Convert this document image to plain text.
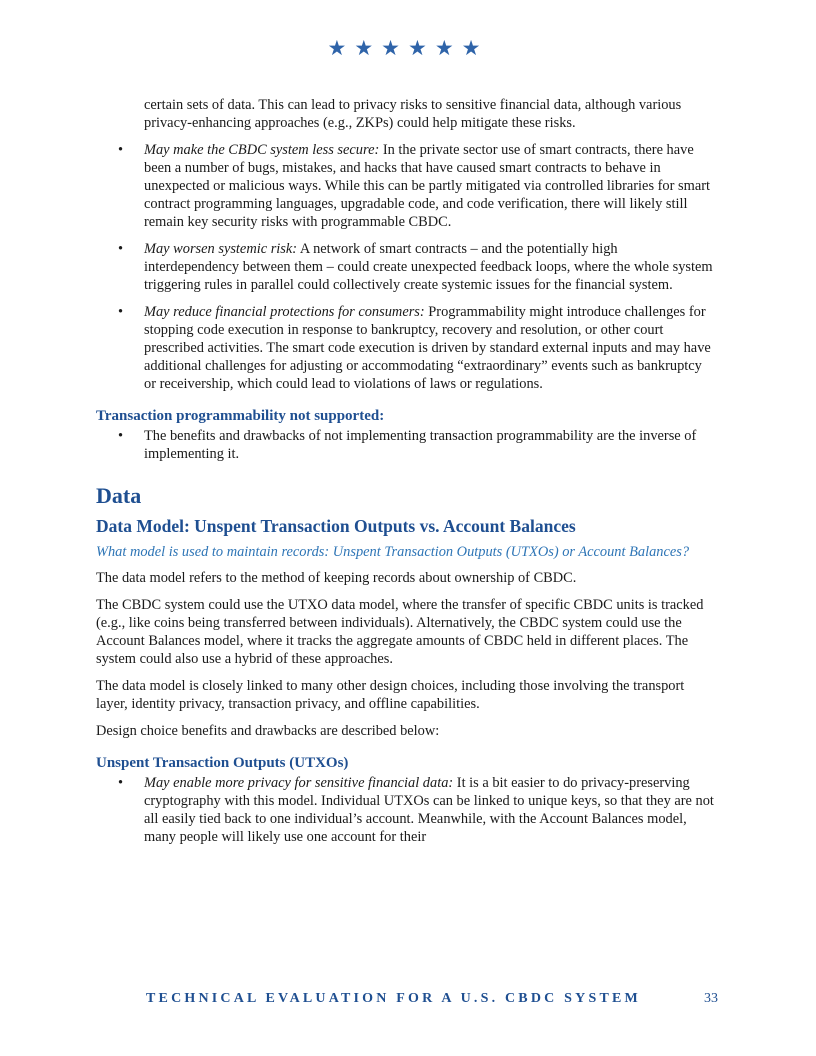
★★★★★★

certain sets of data. This can lead to privacy risks to sensitive financial data, although various privacy-enhancing approaches (e.g., ZKPs) could help mitigate these risks.

• May make the CBDC system less secure: In the private sector use of smart contracts, there have been a number of bugs, mistakes, and hacks that have caused smart contracts to behave in unexpected or malicious ways. While this can be partly mitigated via controlled libraries for smart contract programming languages, upgradable code, and code verification, there will likely still remain key security risks with programmable CBDC.
• May worsen systemic risk: A network of smart contracts – and the potentially high interdependency between them – could create unexpected feedback loops, where the whole system triggering rules in parallel could collectively create systemic issues for the financial system.
• May reduce financial protections for consumers: Programmability might introduce challenges for stopping code execution in response to bankruptcy, recovery and resolution, or other court prescribed activities. The smart code execution is driven by standard external inputs and may have additional challenges for adjusting or accommodating “extraordinary” events such as bankruptcy or receivership, which could lead to violations of laws or regulations.
Transaction programmability not supported:
• The benefits and drawbacks of not implementing transaction programmability are the inverse of implementing it.
Data
Data Model: Unspent Transaction Outputs vs. Account Balances

What model is used to maintain records: Unspent Transaction Outputs (UTXOs) or Account Balances?

The data model refers to the method of keeping records about ownership of CBDC.

The CBDC system could use the UTXO data model, where the transfer of specific CBDC units is tracked (e.g., like coins being transferred between individuals). Alternatively, the CBDC system could use the Account Balances model, where it tracks the aggregate amounts of CBDC held in different places. The system could also use a hybrid of these approaches.

The data model is closely linked to many other design choices, including those involving the transport layer, identity privacy, transaction privacy, and offline capabilities.

Design choice benefits and drawbacks are described below:

Unspent Transaction Outputs (UTXOs)
• May enable more privacy for sensitive financial data: It is a bit easier to do privacy-preserving cryptography with this model. Individual UTXOs can be linked to unique keys, so that they are not all easily tied back to one individual’s account. Meanwhile, with the Account Balances model, many people will likely use one account for their
TECHNICAL EVALUATION FOR A U.S. CBDC SYSTEM	33
